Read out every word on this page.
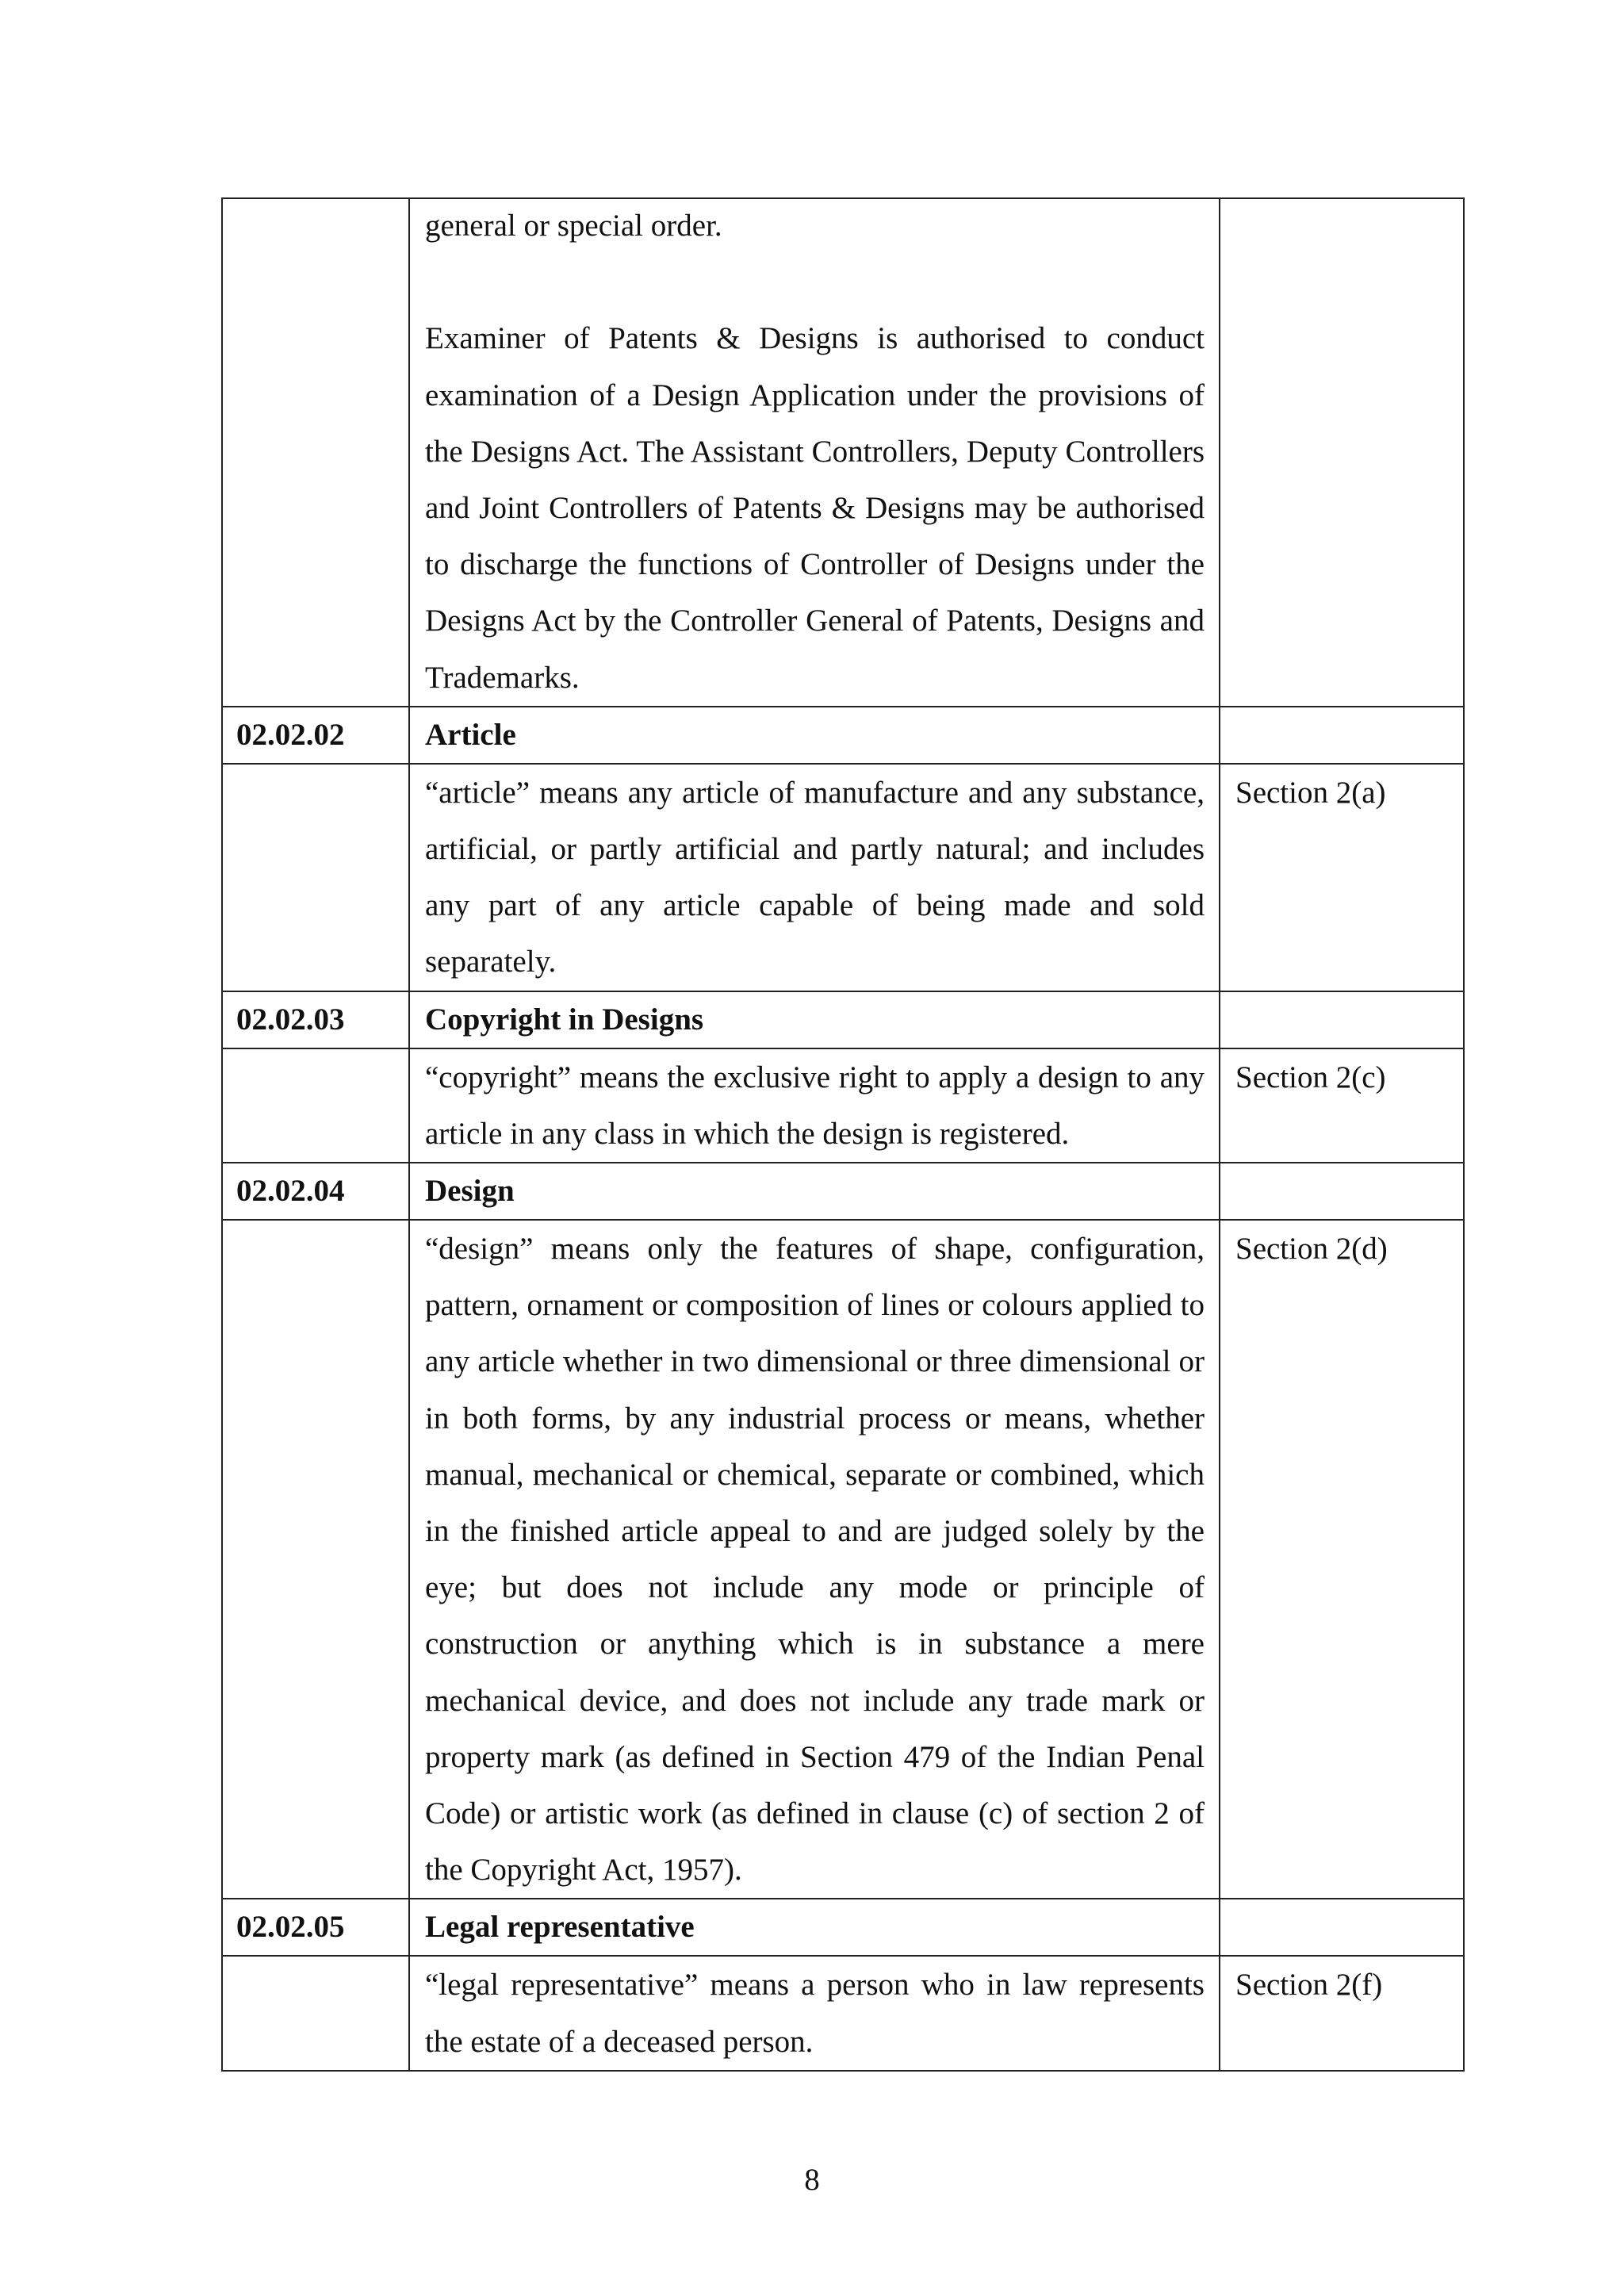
	general or special order.

Examiner of Patents & Designs is authorised to conduct examination of a Design Application under the provisions of the Designs Act. The Assistant Controllers, Deputy Controllers and Joint Controllers of Patents & Designs may be authorised to discharge the functions of Controller of Designs under the Designs Act by the Controller General of Patents, Designs and Trademarks.	

02.02.02	Article	

	“article” means any article of manufacture and any substance, artificial, or partly artificial and partly natural; and includes any part of any article capable of being made and sold separately.	Section 2(a)
02.02.03	Copyright in Designs	

	“copyright” means the exclusive right to apply a design to any article in any class in which the design is registered.	Section 2(c)
02.02.04	Design	

	“design” means only the features of shape, configuration, pattern, ornament or composition of lines or colours applied to any article whether in two dimensional or three dimensional or in both forms, by any industrial process or means, whether manual, mechanical or chemical, separate or combined, which in the finished article appeal to and are judged solely by the eye; but does not include any mode or principle of construction or anything which is in substance a mere mechanical device, and does not include any trade mark or property mark (as defined in Section 479 of the Indian Penal Code) or artistic work (as defined in clause (c) of section 2 of the Copyright Act, 1957).	Section 2(d)
02.02.05	Legal representative	

	“legal representative” means a person who in law represents the estate of a deceased person.	Section 2(f)
8
